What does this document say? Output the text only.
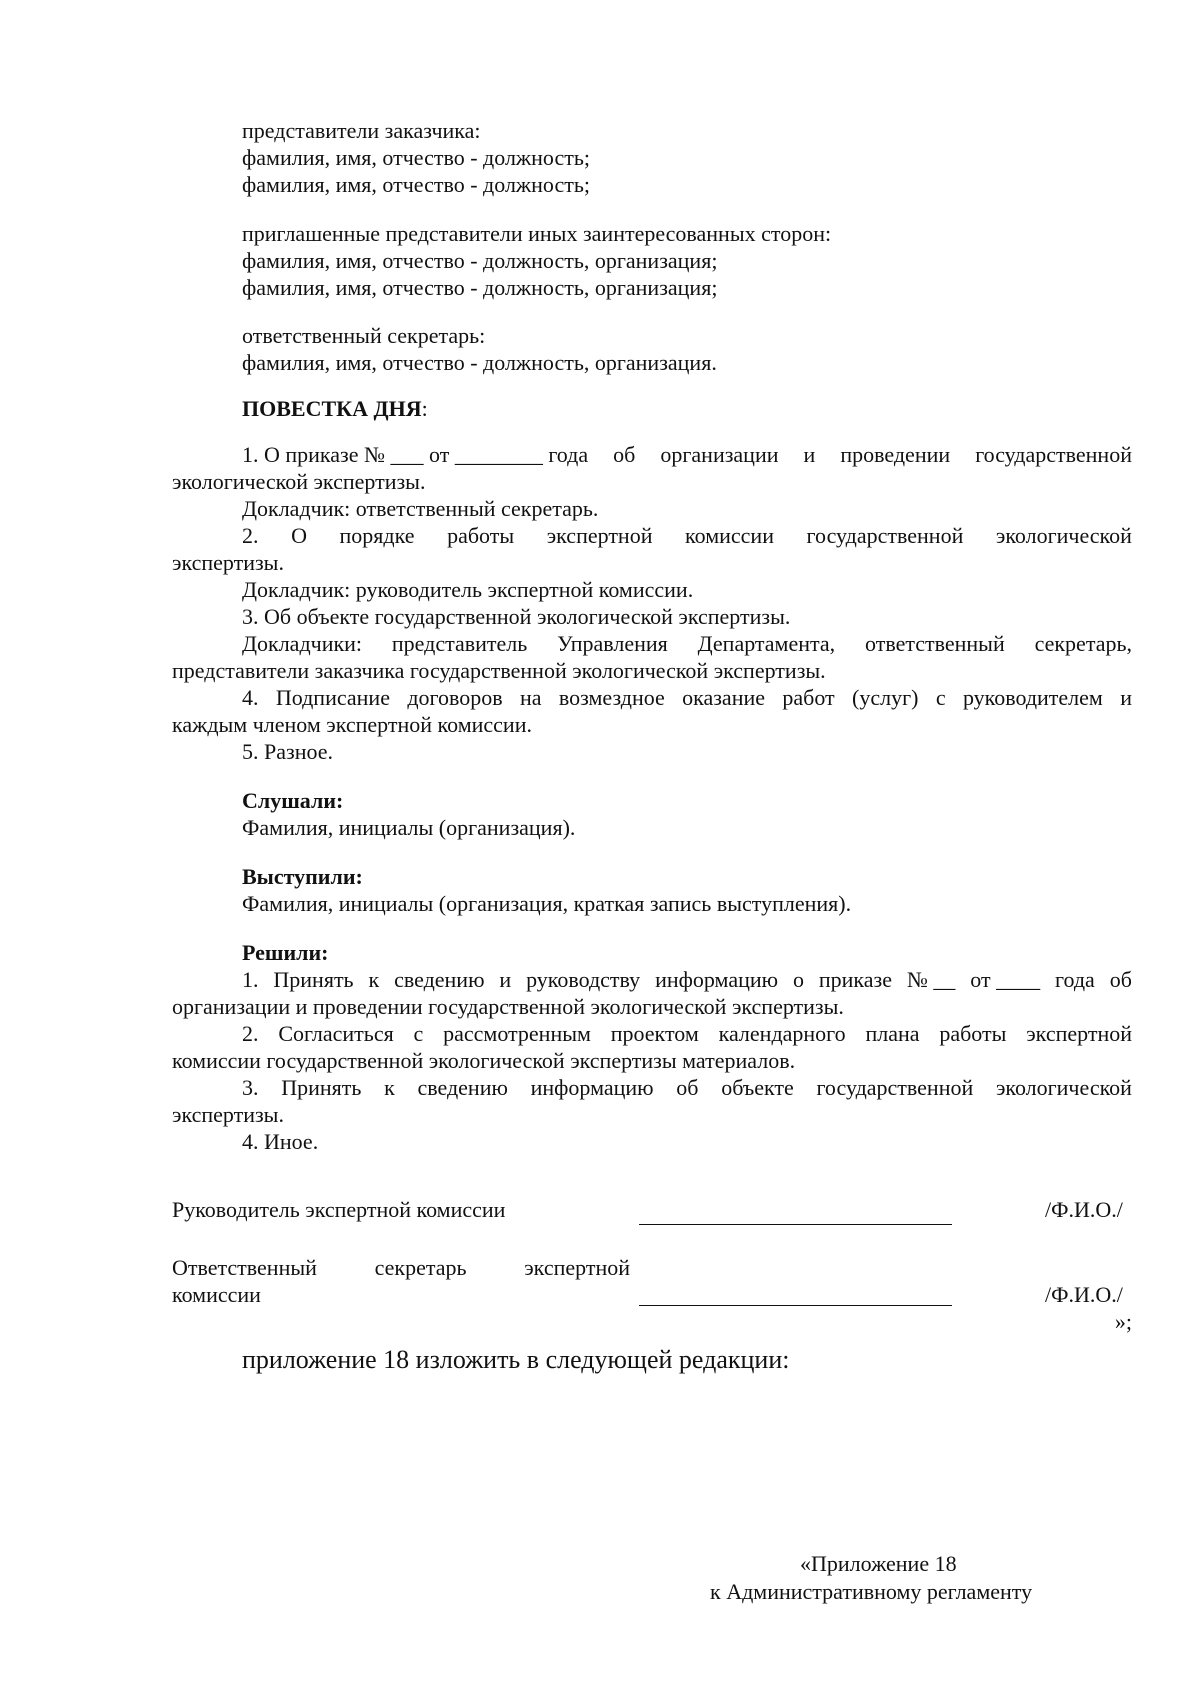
представители заказчика:
фамилия, имя, отчество - должность;
фамилия, имя, отчество - должность;
приглашенные представители иных заинтересованных сторон:
фамилия, имя, отчество - должность, организация;
фамилия, имя, отчество - должность, организация;
ответственный секретарь:
фамилия, имя, отчество - должность, организация.
ПОВЕСТКА ДНЯ:
1. О приказе № ___ от ________ года об организации и проведении государственной
экологической экспертизы.
Докладчик: ответственный секретарь.
2. О порядке работы экспертной комиссии государственной экологической
экспертизы.
Докладчик: руководитель экспертной комиссии.
3. Об объекте государственной экологической экспертизы.
Докладчики: представитель Управления Департамента, ответственный секретарь,
представители заказчика государственной экологической экспертизы.
4. Подписание договоров на возмездное оказание работ (услуг) с руководителем и
каждым членом экспертной комиссии.
5. Разное.
Слушали:
Фамилия, инициалы (организация).
Выступили:
Фамилия, инициалы (организация, краткая запись выступления).
Решили:
1. Принять к сведению и руководству информацию о приказе № __ от ____ года об
организации и проведении государственной экологической экспертизы.
2. Согласиться с рассмотренным проектом календарного плана работы экспертной
комиссии государственной экологической экспертизы материалов.
3. Принять к сведению информацию об объекте государственной экологической
экспертизы.
4. Иное.
Руководитель экспертной комиссии	/Ф.И.О./
Ответственный	секретарь	экспертной
комиссии	/Ф.И.О./
»;
приложение 18 изложить в следующей редакции:
«Приложение 18
к Административному регламенту
